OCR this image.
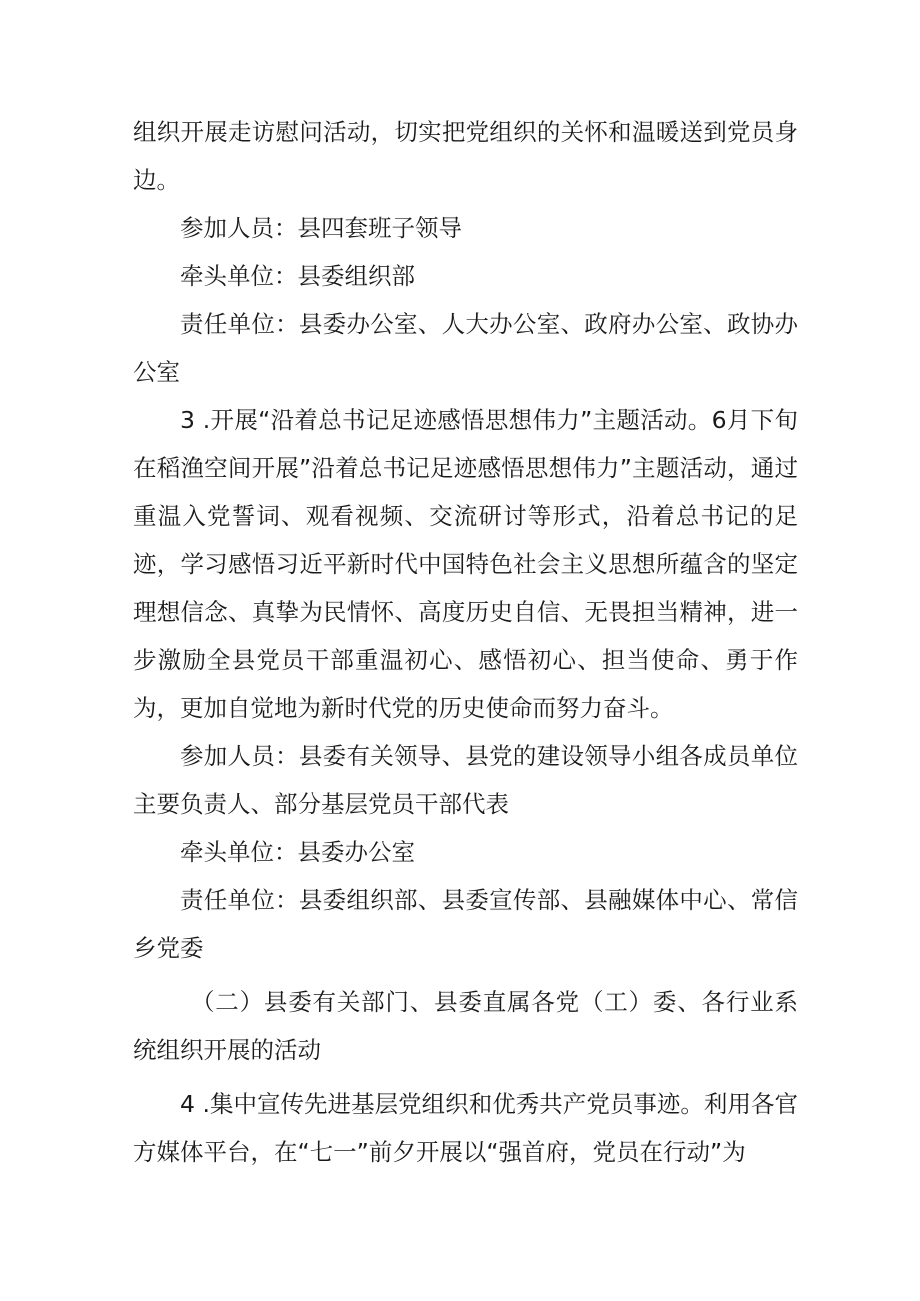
组织开展走访慰问活动，切实把党组织的关怀和温暖送到党员身边。

参加人员：县四套班子领导

牵头单位：县委组织部

责任单位：县委办公室、人大办公室、政府办公室、政协办公室

3 .开展“沿着总书记足迹感悟思想伟力”主题活动。6月下旬在稻渔空间开展”沿着总书记足迹感悟思想伟力”主题活动，通过重温入党誓词、观看视频、交流研讨等形式，沿着总书记的足迹，学习感悟习近平新时代中国特色社会主义思想所蕴含的坚定理想信念、真挚为民情怀、高度历史自信、无畏担当精神，进一步激励全县党员干部重温初心、感悟初心、担当使命、勇于作为，更加自觉地为新时代党的历史使命而努力奋斗。

参加人员：县委有关领导、县党的建设领导小组各成员单位主要负责人、部分基层党员干部代表

牵头单位：县委办公室

责任单位：县委组织部、县委宣传部、县融媒体中心、常信乡党委

（二）县委有关部门、县委直属各党（工）委、各行业系统组织开展的活动

4 .集中宣传先进基层党组织和优秀共产党员事迹。利用各官方媒体平台，在“七一”前夕开展以“强首府，党员在行动”为
